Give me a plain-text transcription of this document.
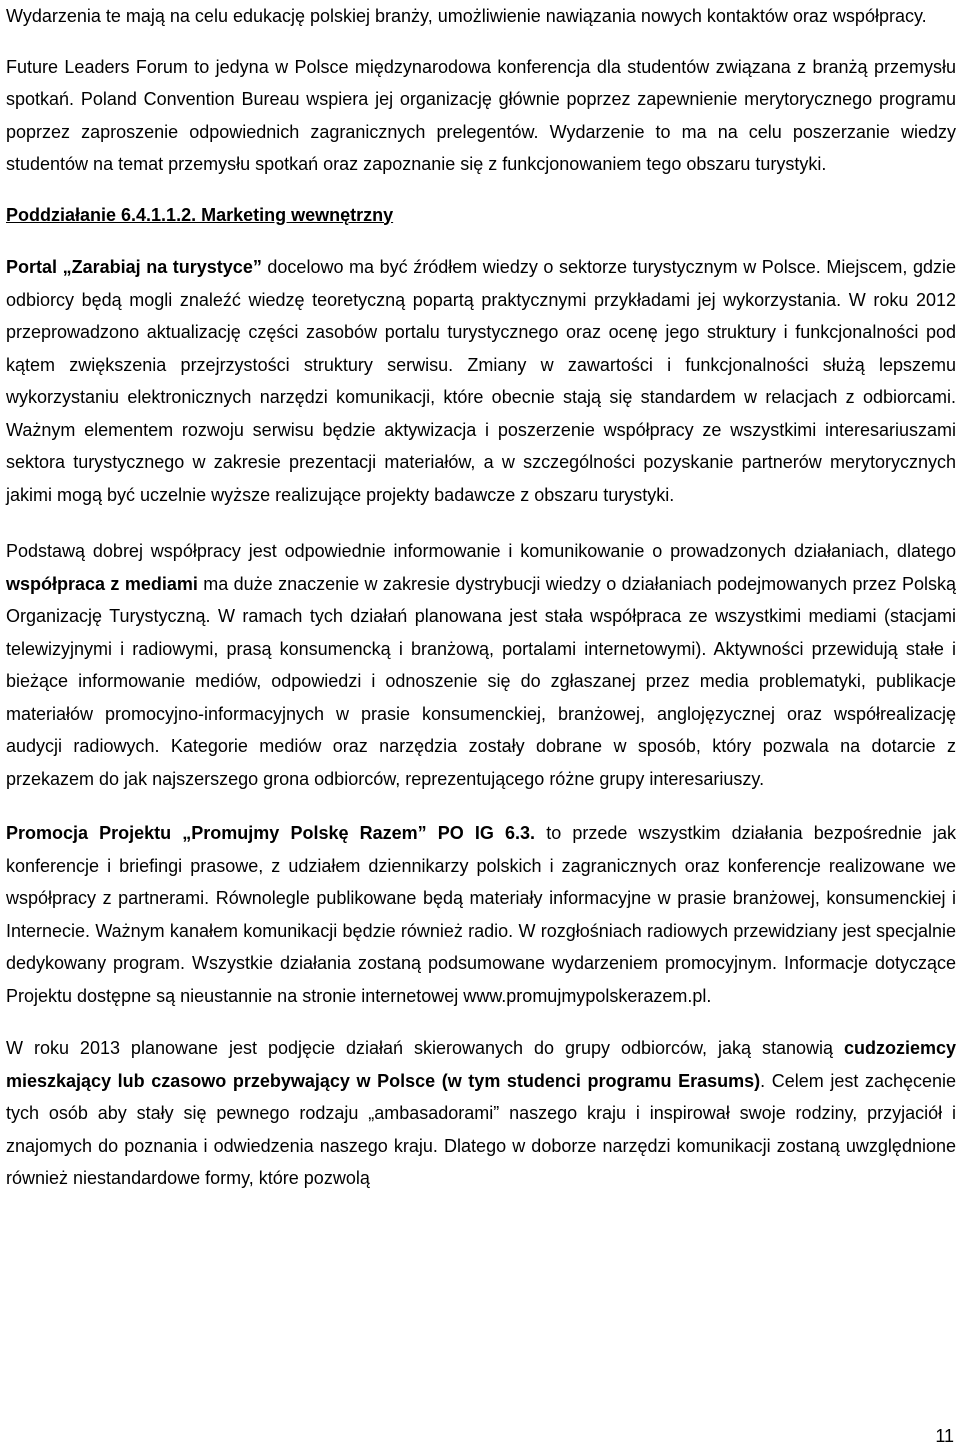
Wydarzenia te mają na celu edukację polskiej branży, umożliwienie nawiązania nowych kontaktów oraz współpracy.

Future Leaders Forum to jedyna w Polsce międzynarodowa konferencja dla studentów związana z branżą przemysłu spotkań. Poland Convention Bureau wspiera jej organizację głównie poprzez zapewnienie merytorycznego programu poprzez zaproszenie odpowiednich zagranicznych prelegentów. Wydarzenie to ma na celu poszerzanie wiedzy studentów na temat przemysłu spotkań oraz zapoznanie się z funkcjonowaniem tego obszaru turystyki.

Poddziałanie 6.4.1.1.2. Marketing wewnętrzny

Portal „Zarabiaj na turystyce” docelowo ma być źródłem wiedzy o sektorze turystycznym w Polsce. Miejscem, gdzie odbiorcy będą mogli znaleźć wiedzę teoretyczną popartą praktycznymi przykładami jej wykorzystania. W roku 2012 przeprowadzono aktualizację części zasobów portalu turystycznego oraz ocenę jego struktury i funkcjonalności pod kątem zwiększenia przejrzystości struktury serwisu. Zmiany w zawartości i funkcjonalności służą lepszemu wykorzystaniu elektronicznych narzędzi komunikacji, które obecnie stają się standardem w relacjach z odbiorcami. Ważnym elementem rozwoju serwisu będzie aktywizacja i poszerzenie współpracy ze wszystkimi interesariuszami sektora turystycznego w zakresie prezentacji materiałów, a w szczególności pozyskanie partnerów merytorycznych jakimi mogą być uczelnie wyższe realizujące projekty badawcze z obszaru turystyki.

Podstawą dobrej współpracy jest odpowiednie informowanie i komunikowanie o prowadzonych działaniach, dlatego współpraca z mediami ma duże znaczenie w zakresie dystrybucji wiedzy o działaniach podejmowanych przez Polską Organizację Turystyczną. W ramach tych działań planowana jest stała współpraca ze wszystkimi mediami (stacjami telewizyjnymi i radiowymi, prasą konsumencką i branżową, portalami internetowymi). Aktywności przewidują stałe i bieżące informowanie mediów, odpowiedzi i odnoszenie się do zgłaszanej przez media problematyki, publikacje materiałów promocyjno-informacyjnych w prasie konsumenckiej, branżowej, anglojęzycznej oraz współrealizację audycji radiowych. Kategorie mediów oraz narzędzia zostały dobrane w sposób, który pozwala na dotarcie z przekazem do jak najszerszego grona odbiorców, reprezentującego różne grupy interesariuszy.

Promocja Projektu „Promujmy Polskę Razem” PO IG 6.3. to przede wszystkim działania bezpośrednie jak konferencje i briefingi prasowe, z udziałem dziennikarzy polskich i zagranicznych oraz konferencje realizowane we współpracy z partnerami. Równolegle publikowane będą materiały informacyjne w prasie branżowej, konsumenckiej i Internecie. Ważnym kanałem komunikacji będzie również radio. W rozgłośniach radiowych przewidziany jest specjalnie dedykowany program. Wszystkie działania zostaną podsumowane wydarzeniem promocyjnym. Informacje dotyczące Projektu dostępne są nieustannie na stronie internetowej www.promujmypolskerazem.pl.

W roku 2013 planowane jest podjęcie działań skierowanych do grupy odbiorców, jaką stanowią cudzoziemcy mieszkający lub czasowo przebywający w Polsce (w tym studenci programu Erasums). Celem jest zachęcenie tych osób aby stały się pewnego rodzaju „ambasadorami” naszego kraju i inspirował swoje rodziny, przyjaciół i znajomych do poznania i odwiedzenia naszego kraju. Dlatego w doborze narzędzi komunikacji zostaną uwzględnione również niestandardowe formy, które pozwolą

11
